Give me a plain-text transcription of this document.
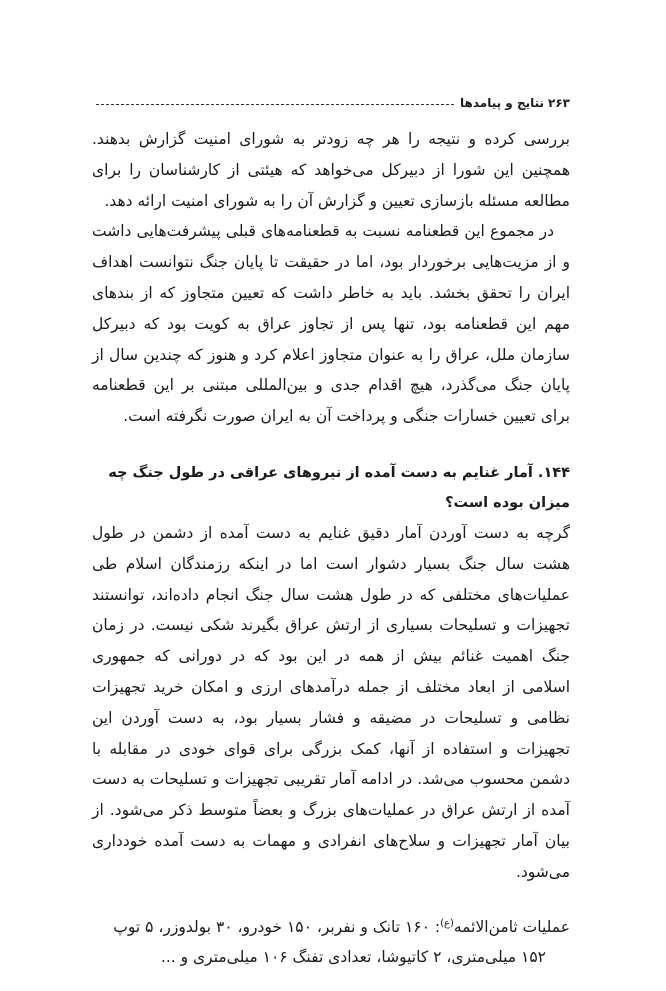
۲۶۳
نتایج و پیامدها

بررسی کرده و نتیجه را هر چه زودتر به شورای امنیت گزارش بدهند. همچنین این شورا از دبیرکل می‌خواهد که هیئتی از کارشناسان را برای مطالعه مسئله بازسازی تعیین و گزارش آن را به شورای امنیت ارائه دهد.

در مجموع این قطعنامه نسبت به قطعنامه‌های قبلی پیشرفت‌هایی داشت و از مزیت‌هایی برخوردار بود، اما در حقیقت تا پایان جنگ نتوانست اهداف ایران را تحقق بخشد. باید به خاطر داشت که تعیین متجاوز که از بندهای مهم این قطعنامه بود، تنها پس از تجاوز عراق به کویت بود که دبیرکل سازمان ملل، عراق را به عنوان متجاوز اعلام کرد و هنوز که چندین سال از پایان جنگ می‌گذرد، هیچ اقدام جدی و بین‌المللی مبتنی بر این قطعنامه برای تعیین خسارات جنگی و پرداخت آن به ایران صورت نگرفته است.

۱۴۴. آمار غنایم به دست آمده از نیروهای عراقی در طول جنگ چه میزان بوده است؟

گرچه به دست آوردن آمار دقیق غنایم به دست آمده از دشمن در طول هشت سال جنگ بسیار دشوار است اما در اینکه رزمندگان اسلام طی عملیات‌های مختلفی که در طول هشت سال جنگ انجام داده‌اند، توانستند تجهیزات و تسلیحات بسیاری از ارتش عراق بگیرند شکی نیست. در زمان جنگ اهمیت غنائم بیش از همه در این بود که در دورانی که جمهوری اسلامی از ابعاد مختلف از جمله درآمدهای ارزی و امکان خرید تجهیزات نظامی و تسلیحات در مضیقه و فشار بسیار بود، به دست آوردن این تجهیزات و استفاده از آنها، کمک بزرگی برای قوای خودی در مقابله با دشمن محسوب می‌شد. در ادامه آمار تقریبی تجهیزات و تسلیحات به دست آمده از ارتش عراق در عملیات‌های بزرگ و بعضاً متوسط ذکر می‌شود. از بیان آمار تجهیزات و سلاح‌های انفرادی و مهمات به دست آمده خودداری می‌شود.

عملیات ثامن‌الائمه$^{(ع)}$: ۱۶۰ تانک و نفربر، ۱۵۰ خودرو، ۳۰ بولدوزر، ۵ توپ

۱۵۲ میلی‌متری، ۲ کاتیوشا، تعدادی تفنگ ۱۰۶ میلی‌متری و ...
